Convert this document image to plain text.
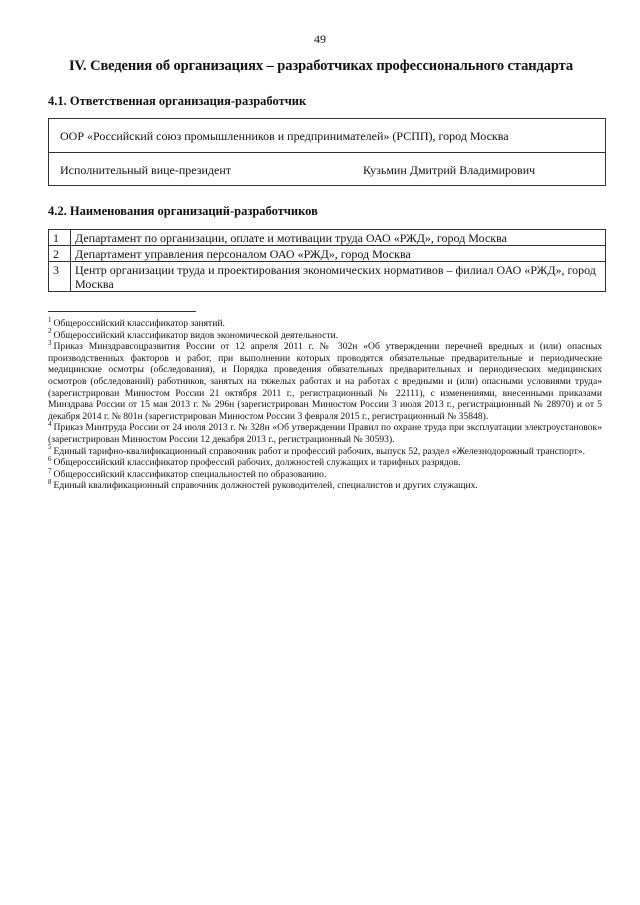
49
IV. Сведения об организациях – разработчиках профессионального стандарта
4.1. Ответственная организация-разработчик
ООР «Российский союз промышленников и предпринимателей» (РСПП), город Москва
Исполнительный вице-президент	Кузьмин Дмитрий Владимирович
4.2. Наименования организаций-разработчиков
1	Департамент по организации, оплате и мотивации труда ОАО «РЖД», город Москва
2	Департамент управления персоналом ОАО «РЖД», город Москва
3	Центр организации труда и проектирования экономических нормативов – филиал ОАО «РЖД», город Москва

$^1$ Общероссийский классификатор занятий.

$^2$ Общероссийский классификатор видов экономической деятельности.

$^3$ Приказ Минздравсоцразвития России от 12 апреля 2011 г. № 302н «Об утверждении перечней вредных и (или) опасных производственных факторов и работ, при выполнении которых проводятся обязательные предварительные и периодические медицинские осмотры (обследования), и Порядка проведения обязательных предварительных и периодических медицинских осмотров (обследований) работников, занятых на тяжелых работах и на работах с вредными и (или) опасными условиями труда» (зарегистрирован Минюстом России 21 октября 2011 г., регистрационный № 22111), с изменениями, внесенными приказами Минздрава России от 15 мая 2013 г. № 296н (зарегистрирован Минюстом России 3 июля 2013 г., регистрационный № 28970) и от 5 декабря 2014 г. № 801н (зарегистрирован Минюстом России 3 февраля 2015 г., регистрационный № 35848).

$^4$ Приказ Минтруда России от 24 июля 2013 г. № 328н «Об утверждении Правил по охране труда при эксплуатации электроустановок» (зарегистрирован Минюстом России 12 декабря 2013 г., регистрационный № 30593).

$^5$ Единый тарифно-квалификационный справочник работ и профессий рабочих, выпуск 52, раздел «Железнодорожный транспорт».

$^6$ Общероссийский классификатор профессий рабочих, должностей служащих и тарифных разрядов.

$^7$ Общероссийский классификатор специальностей по образованию.

$^8$ Единый квалификационный справочник должностей руководителей, специалистов и других служащих.
